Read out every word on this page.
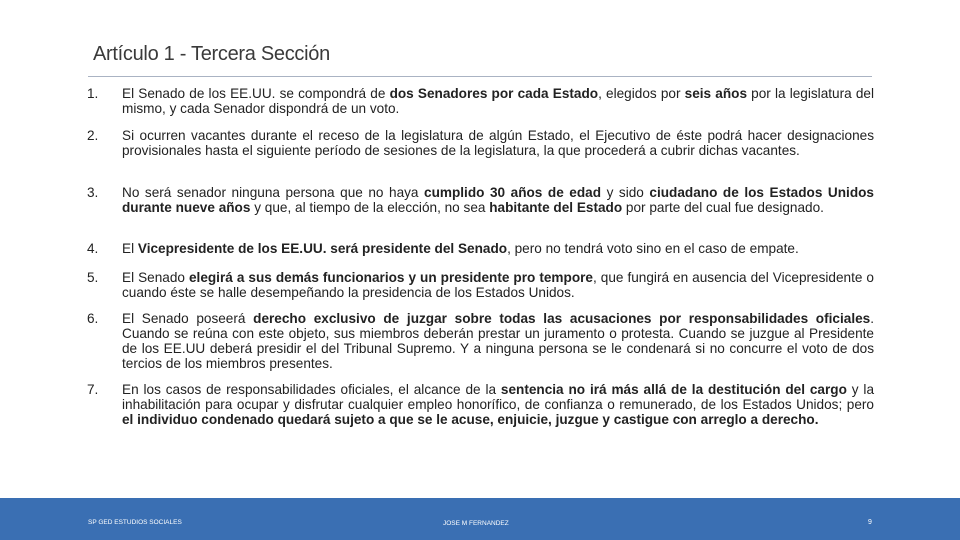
Artículo 1 - Tercera Sección
1. El Senado de los EE.UU. se compondrá de dos Senadores por cada Estado, elegidos por seis años por la legislatura del mismo, y cada Senador dispondrá de un voto.
2. Si ocurren vacantes durante el receso de la legislatura de algún Estado, el Ejecutivo de éste podrá hacer designaciones provisionales hasta el siguiente período de sesiones de la legislatura, la que procederá a cubrir dichas vacantes.
3. No será senador ninguna persona que no haya cumplido 30 años de edad y sido ciudadano de los Estados Unidos durante nueve años y que, al tiempo de la elección, no sea habitante del Estado por parte del cual fue designado.
4. El Vicepresidente de los EE.UU. será presidente del Senado, pero no tendrá voto sino en el caso de empate.
5. El Senado elegirá a sus demás funcionarios y un presidente pro tempore, que fungirá en ausencia del Vicepresidente o cuando éste se halle desempeñando la presidencia de los Estados Unidos.
6. El Senado poseerá derecho exclusivo de juzgar sobre todas las acusaciones por responsabilidades oficiales. Cuando se reúna con este objeto, sus miembros deberán prestar un juramento o protesta. Cuando se juzgue al Presidente de los EE.UU deberá presidir el del Tribunal Supremo. Y a ninguna persona se le condenará si no concurre el voto de dos tercios de los miembros presentes.
7. En los casos de responsabilidades oficiales, el alcance de la sentencia no irá más allá de la destitución del cargo y la inhabilitación para ocupar y disfrutar cualquier empleo honorífico, de confianza o remunerado, de los Estados Unidos; pero el individuo condenado quedará sujeto a que se le acuse, enjuicie, juzgue y castigue con arreglo a derecho.
SP GED ESTUDIOS SOCIALES	JOSE M FERNANDEZ	9
